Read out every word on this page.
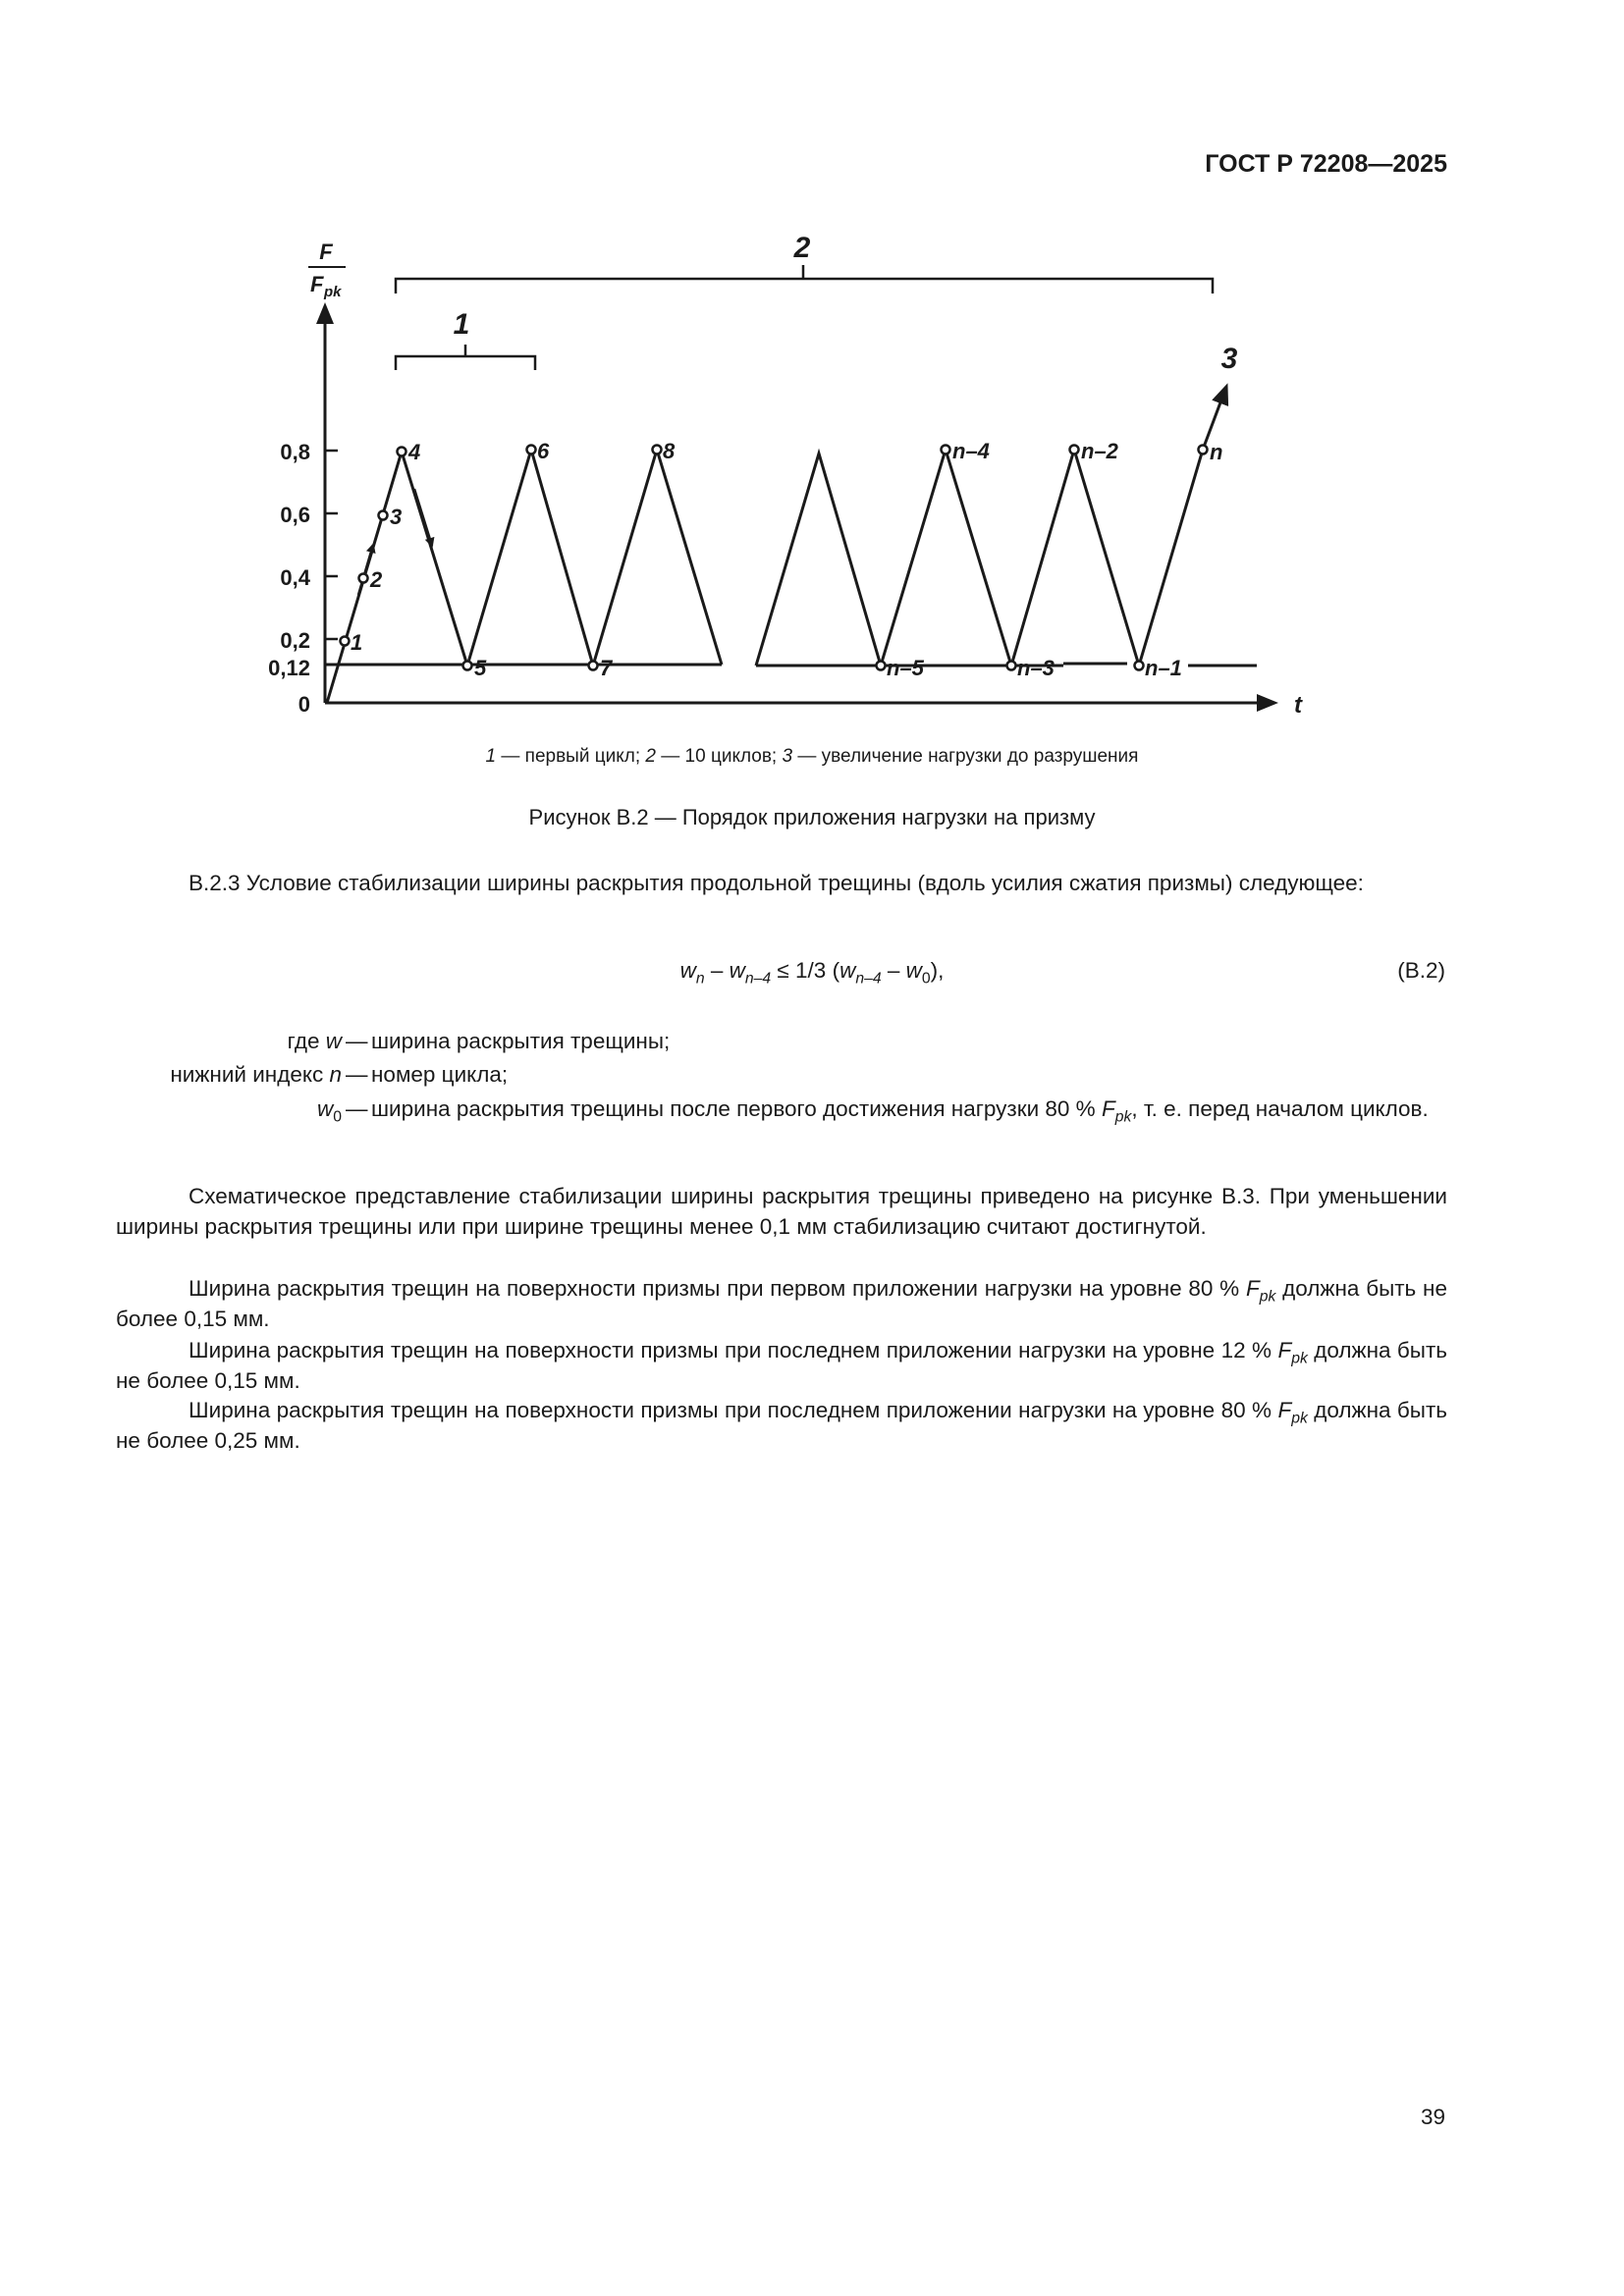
ГОСТ Р 72208—2025
F
F pk
t
0,8
0,6
0,4
0,2
0,12
0
1
2
3
4
5
6
7
8
n–5
n–4
n–3
n–2
n–1
n
1
2
3
1 — первый цикл; 2 — 10 циклов; 3 — увеличение нагрузки до разрушения
Рисунок В.2 — Порядок приложения нагрузки на призму
В.2.3 Условие стабилизации ширины раскрытия продольной трещины (вдоль усилия сжатия призмы) следующее:
$w_n - w_{n-4} \le 1/3$ $(w_{n-4} - w_0)$,	(В.2)
где w — ширина раскрытия трещины;
нижний индекс n — номер цикла;
$w_0$ — ширина раскрытия трещины после первого достижения нагрузки 80 % $F_{pk}$, т. е. перед началом циклов.
Схематическое представление стабилизации ширины раскрытия трещины приведено на рисунке В.3. При уменьшении ширины раскрытия трещины или при ширине трещины менее 0,1 мм стабилизацию считают достигнутой.
Ширина раскрытия трещин на поверхности призмы при первом приложении нагрузки на уровне 80 % $F_{pk}$ должна быть не более 0,15 мм.
Ширина раскрытия трещин на поверхности призмы при последнем приложении нагрузки на уровне 12 % $F_{pk}$ должна быть не более 0,15 мм.
Ширина раскрытия трещин на поверхности призмы при последнем приложении нагрузки на уровне 80 % $F_{pk}$ должна быть не более 0,25 мм.
39
